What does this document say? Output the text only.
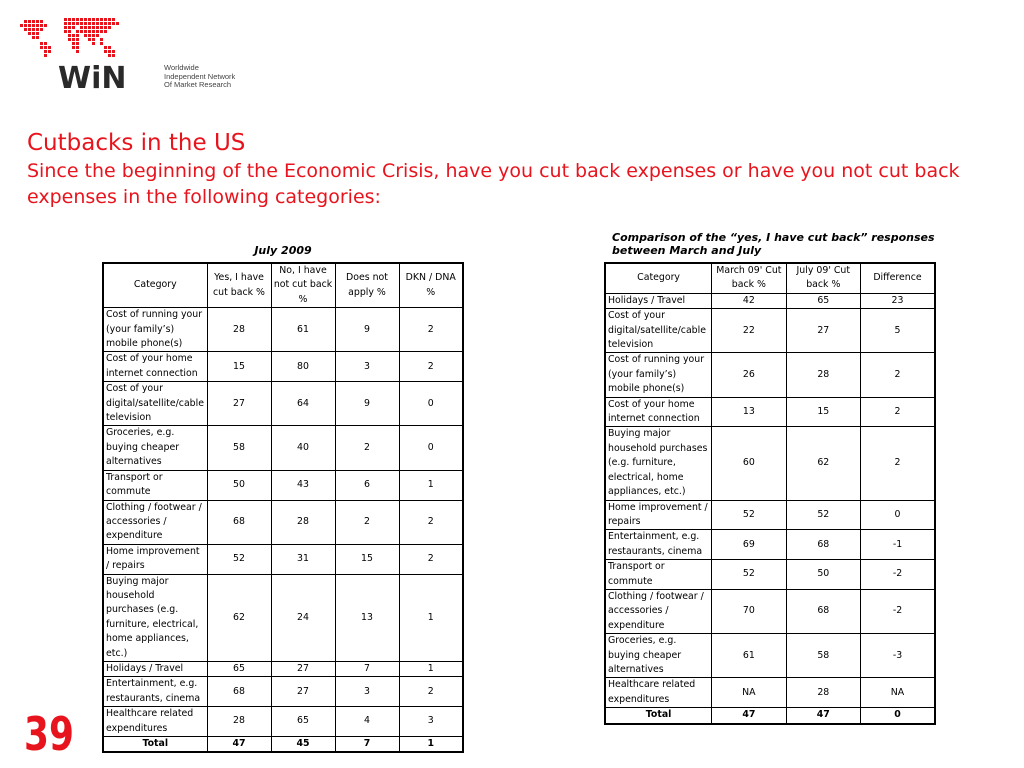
WiN	Worldwide
Independent Network
Of Market Research
Cutbacks in the US
Since the beginning of the Economic Crisis, have you cut back expenses or have you not cut back expenses in the following categories:
July 2009
Comparison of the “yes, I have cut back” responses between March and July
Category	Yes, I have cut back %	No, I have not cut back %	Does not apply %	DKN / DNA %
Cost of running your (your family’s) mobile phone(s)	28	61	9	2
Cost of your home internet connection	15	80	3	2
Cost of your digital/satellite/cable television	27	64	9	0
Groceries, e.g. buying cheaper alternatives	58	40	2	0
Transport or commute	50	43	6	1
Clothing / footwear / accessories / expenditure	68	28	2	2
Home improvement / repairs	52	31	15	2
Buying major household purchases (e.g. furniture, electrical, home appliances, etc.)	62	24	13	1
Holidays / Travel	65	27	7	1
Entertainment, e.g. restaurants, cinema	68	27	3	2
Healthcare related expenditures	28	65	4	3
Total	47	45	7	1
Category	March 09' Cut back %	July 09' Cut back %	Difference
Holidays / Travel	42	65	23
Cost of your digital/satellite/cable television	22	27	5
Cost of running your (your family’s) mobile phone(s)	26	28	2
Cost of your home internet connection	13	15	2
Buying major household purchases (e.g. furniture, electrical, home appliances, etc.)	60	62	2
Home improvement / repairs	52	52	0
Entertainment, e.g. restaurants, cinema	69	68	-1
Transport or commute	52	50	-2
Clothing / footwear / accessories / expenditure	70	68	-2
Groceries, e.g. buying cheaper alternatives	61	58	-3
Healthcare related expenditures	NA	28	NA
Total	47	47	0
39
